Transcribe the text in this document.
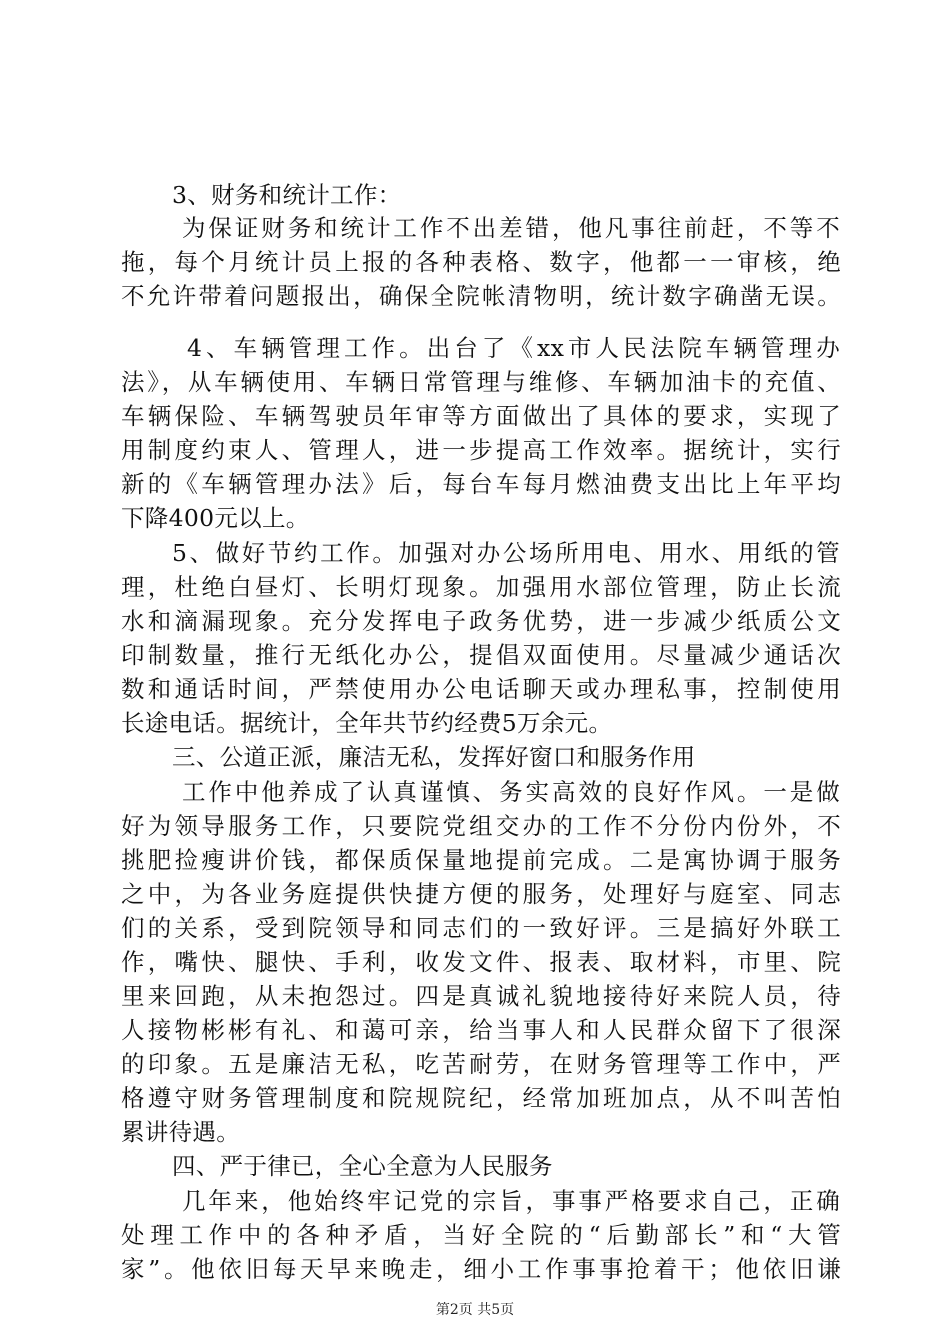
3、财务和统计工作：
为保证财务和统计工作不出差错，他凡事往前赶，不等不
拖，每个月统计员上报的各种表格、数字，他都一一审核，绝
不允许带着问题报出，确保全院帐清物明，统计数字确凿无误。
4、车辆管理工作。出台了《xx市人民法院车辆管理办
法》，从车辆使用、车辆日常管理与维修、车辆加油卡的充值、
车辆保险、车辆驾驶员年审等方面做出了具体的要求，实现了
用制度约束人、管理人，进一步提高工作效率。据统计，实行
新的《车辆管理办法》后，每台车每月燃油费支出比上年平均
下降400元以上。
5、做好节约工作。加强对办公场所用电、用水、用纸的管
理，杜绝白昼灯、长明灯现象。加强用水部位管理，防止长流
水和滴漏现象。充分发挥电子政务优势，进一步减少纸质公文
印制数量，推行无纸化办公，提倡双面使用。尽量减少通话次
数和通话时间，严禁使用办公电话聊天或办理私事，控制使用
长途电话。据统计，全年共节约经费5万余元。
三、公道正派，廉洁无私，发挥好窗口和服务作用
工作中他养成了认真谨慎、务实高效的良好作风。一是做
好为领导服务工作，只要院党组交办的工作不分份内份外，不
挑肥捡瘦讲价钱，都保质保量地提前完成。二是寓协调于服务
之中，为各业务庭提供快捷方便的服务，处理好与庭室、同志
们的关系，受到院领导和同志们的一致好评。三是搞好外联工
作，嘴快、腿快、手利，收发文件、报表、取材料，市里、院
里来回跑，从未抱怨过。四是真诚礼貌地接待好来院人员，待
人接物彬彬有礼、和蔼可亲，给当事人和人民群众留下了很深
的印象。五是廉洁无私，吃苦耐劳，在财务管理等工作中，严
格遵守财务管理制度和院规院纪，经常加班加点，从不叫苦怕
累讲待遇。
四、严于律已，全心全意为人民服务
几年来，他始终牢记党的宗旨，事事严格要求自己，正确
处理工作中的各种矛盾，当好全院的“后勤部长”和“大管
家”。他依旧每天早来晚走，细小工作事事抢着干；他依旧谦
第2页 共5页
